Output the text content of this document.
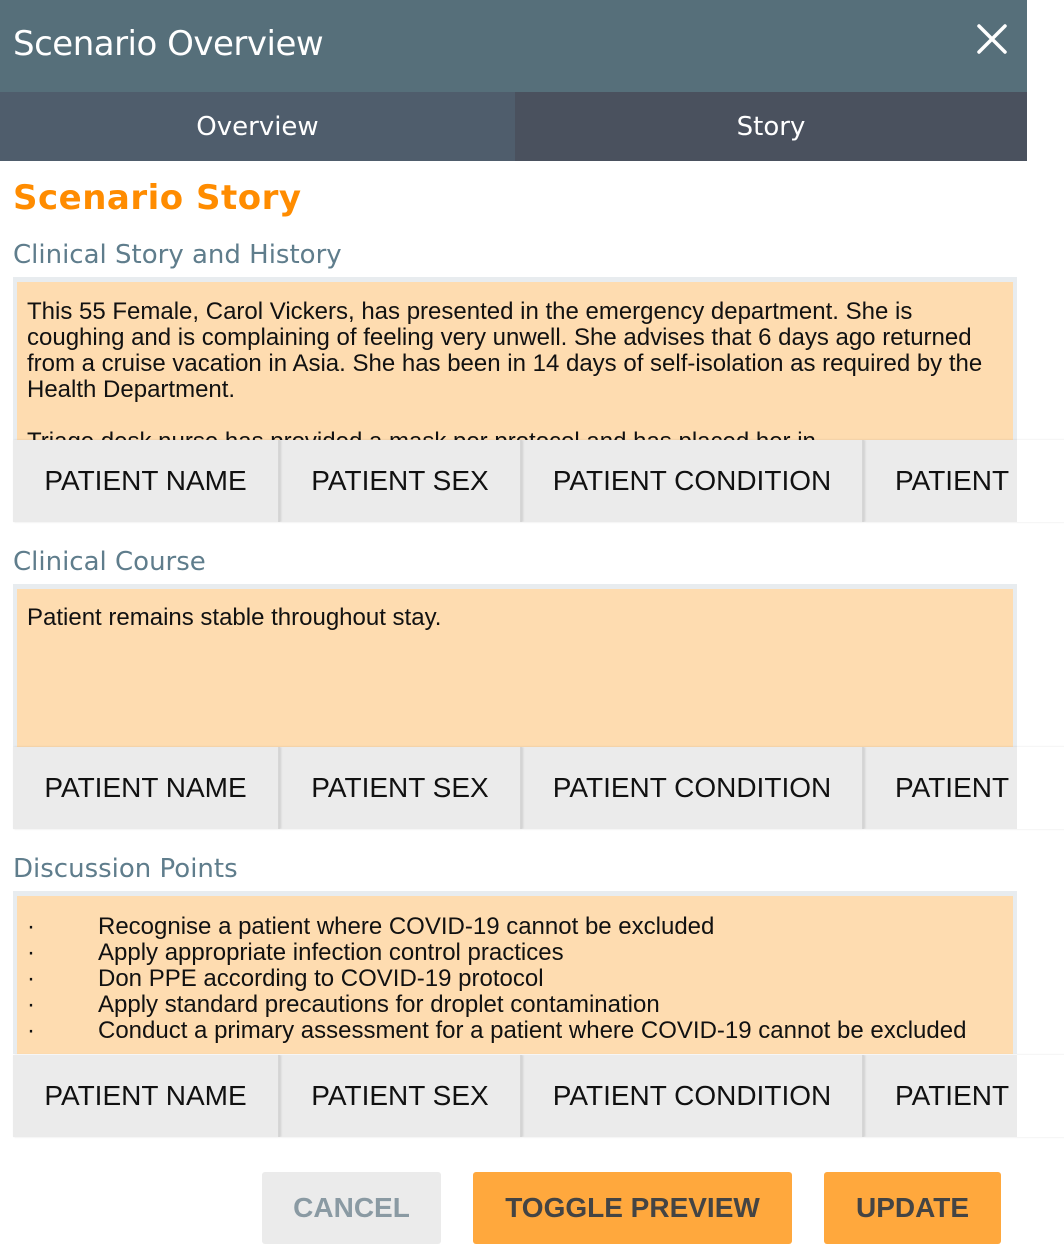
Scenario Overview
Overview	Story
Scenario Story
Clinical Story and History
This 55 Female, Carol Vickers, has presented in the emergency department. She is coughing and is complaining of feeling very unwell. She advises that 6 days ago returned from a cruise vacation in Asia. She has been in 14 days of self-isolation as required by the Health Department.

PATIENT NAME	PATIENT SEX	PATIENT CONDITION	PATIENT
Clinical Course
Patient remains stable throughout stay.
PATIENT NAME	PATIENT SEX	PATIENT CONDITION	PATIENT
Discussion Points
·	Recognise a patient where COVID-19 cannot be excluded
·	Apply appropriate infection control practices
·	Don PPE according to COVID-19 protocol
·	Apply standard precautions for droplet contamination
·	Conduct a primary assessment for a patient where COVID-19 cannot be excluded
PATIENT NAME	PATIENT SEX	PATIENT CONDITION	PATIENT
CANCEL	TOGGLE PREVIEW	UPDATE
